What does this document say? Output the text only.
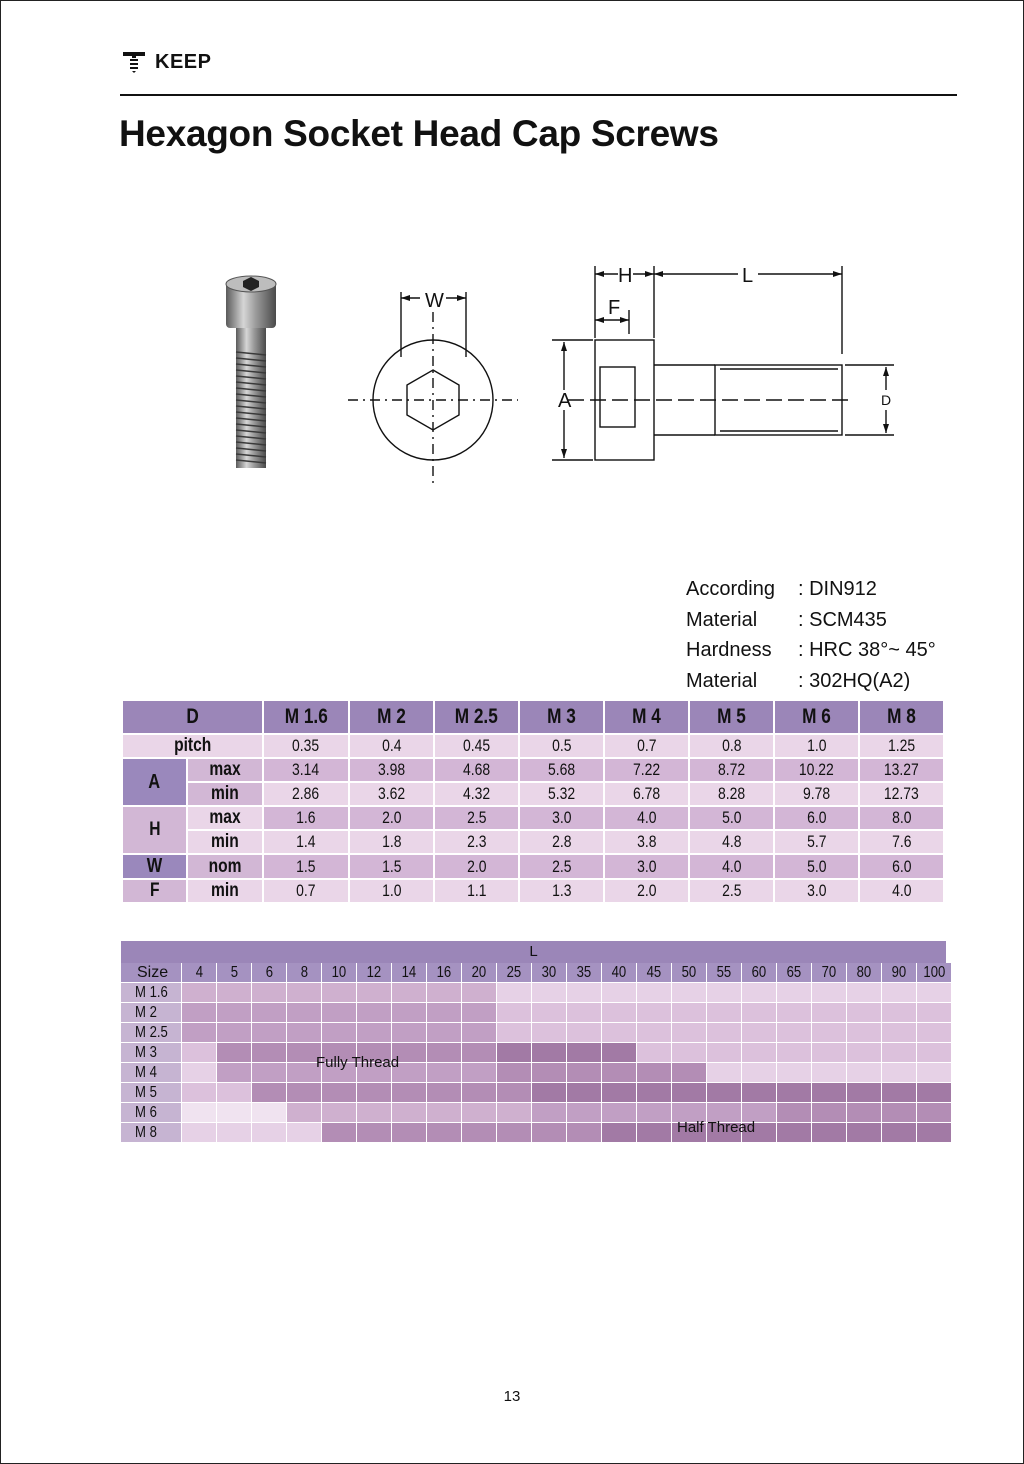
KEEP
Hexagon Socket Head Cap Screws
W
H	L
F
A	D
According	: DIN912
Material	: SCM435
Hardness	: HRC 38°~ 45°
Material	: 302HQ(A2)
D		M 1.6	M 2	M 2.5	M 3	M 4	M 5	M 6	M 8
pitch		0.35	0.4	0.45	0.5	0.7	0.8	1.0	1.25
A	max	3.14	3.98	4.68	5.68	7.22	8.72	10.22	13.27
	min	2.86	3.62	4.32	5.32	6.78	8.28	9.78	12.73
H	max	1.6	2.0	2.5	3.0	4.0	5.0	6.0	8.0
	min	1.4	1.8	2.3	2.8	3.8	4.8	5.7	7.6
W	nom	1.5	1.5	2.0	2.5	3.0	4.0	5.0	6.0
F	min	0.7	1.0	1.1	1.3	2.0	2.5	3.0	4.0
L
Size	4	5	6	8	10	12	14	16	20	25	30	35	40	45	50	55	60	65	70	80	90	100
M 1.6
M 2
M 2.5
M 3
M 4
M 5
M 6
M 8
Fully Thread
Half Thread
13
